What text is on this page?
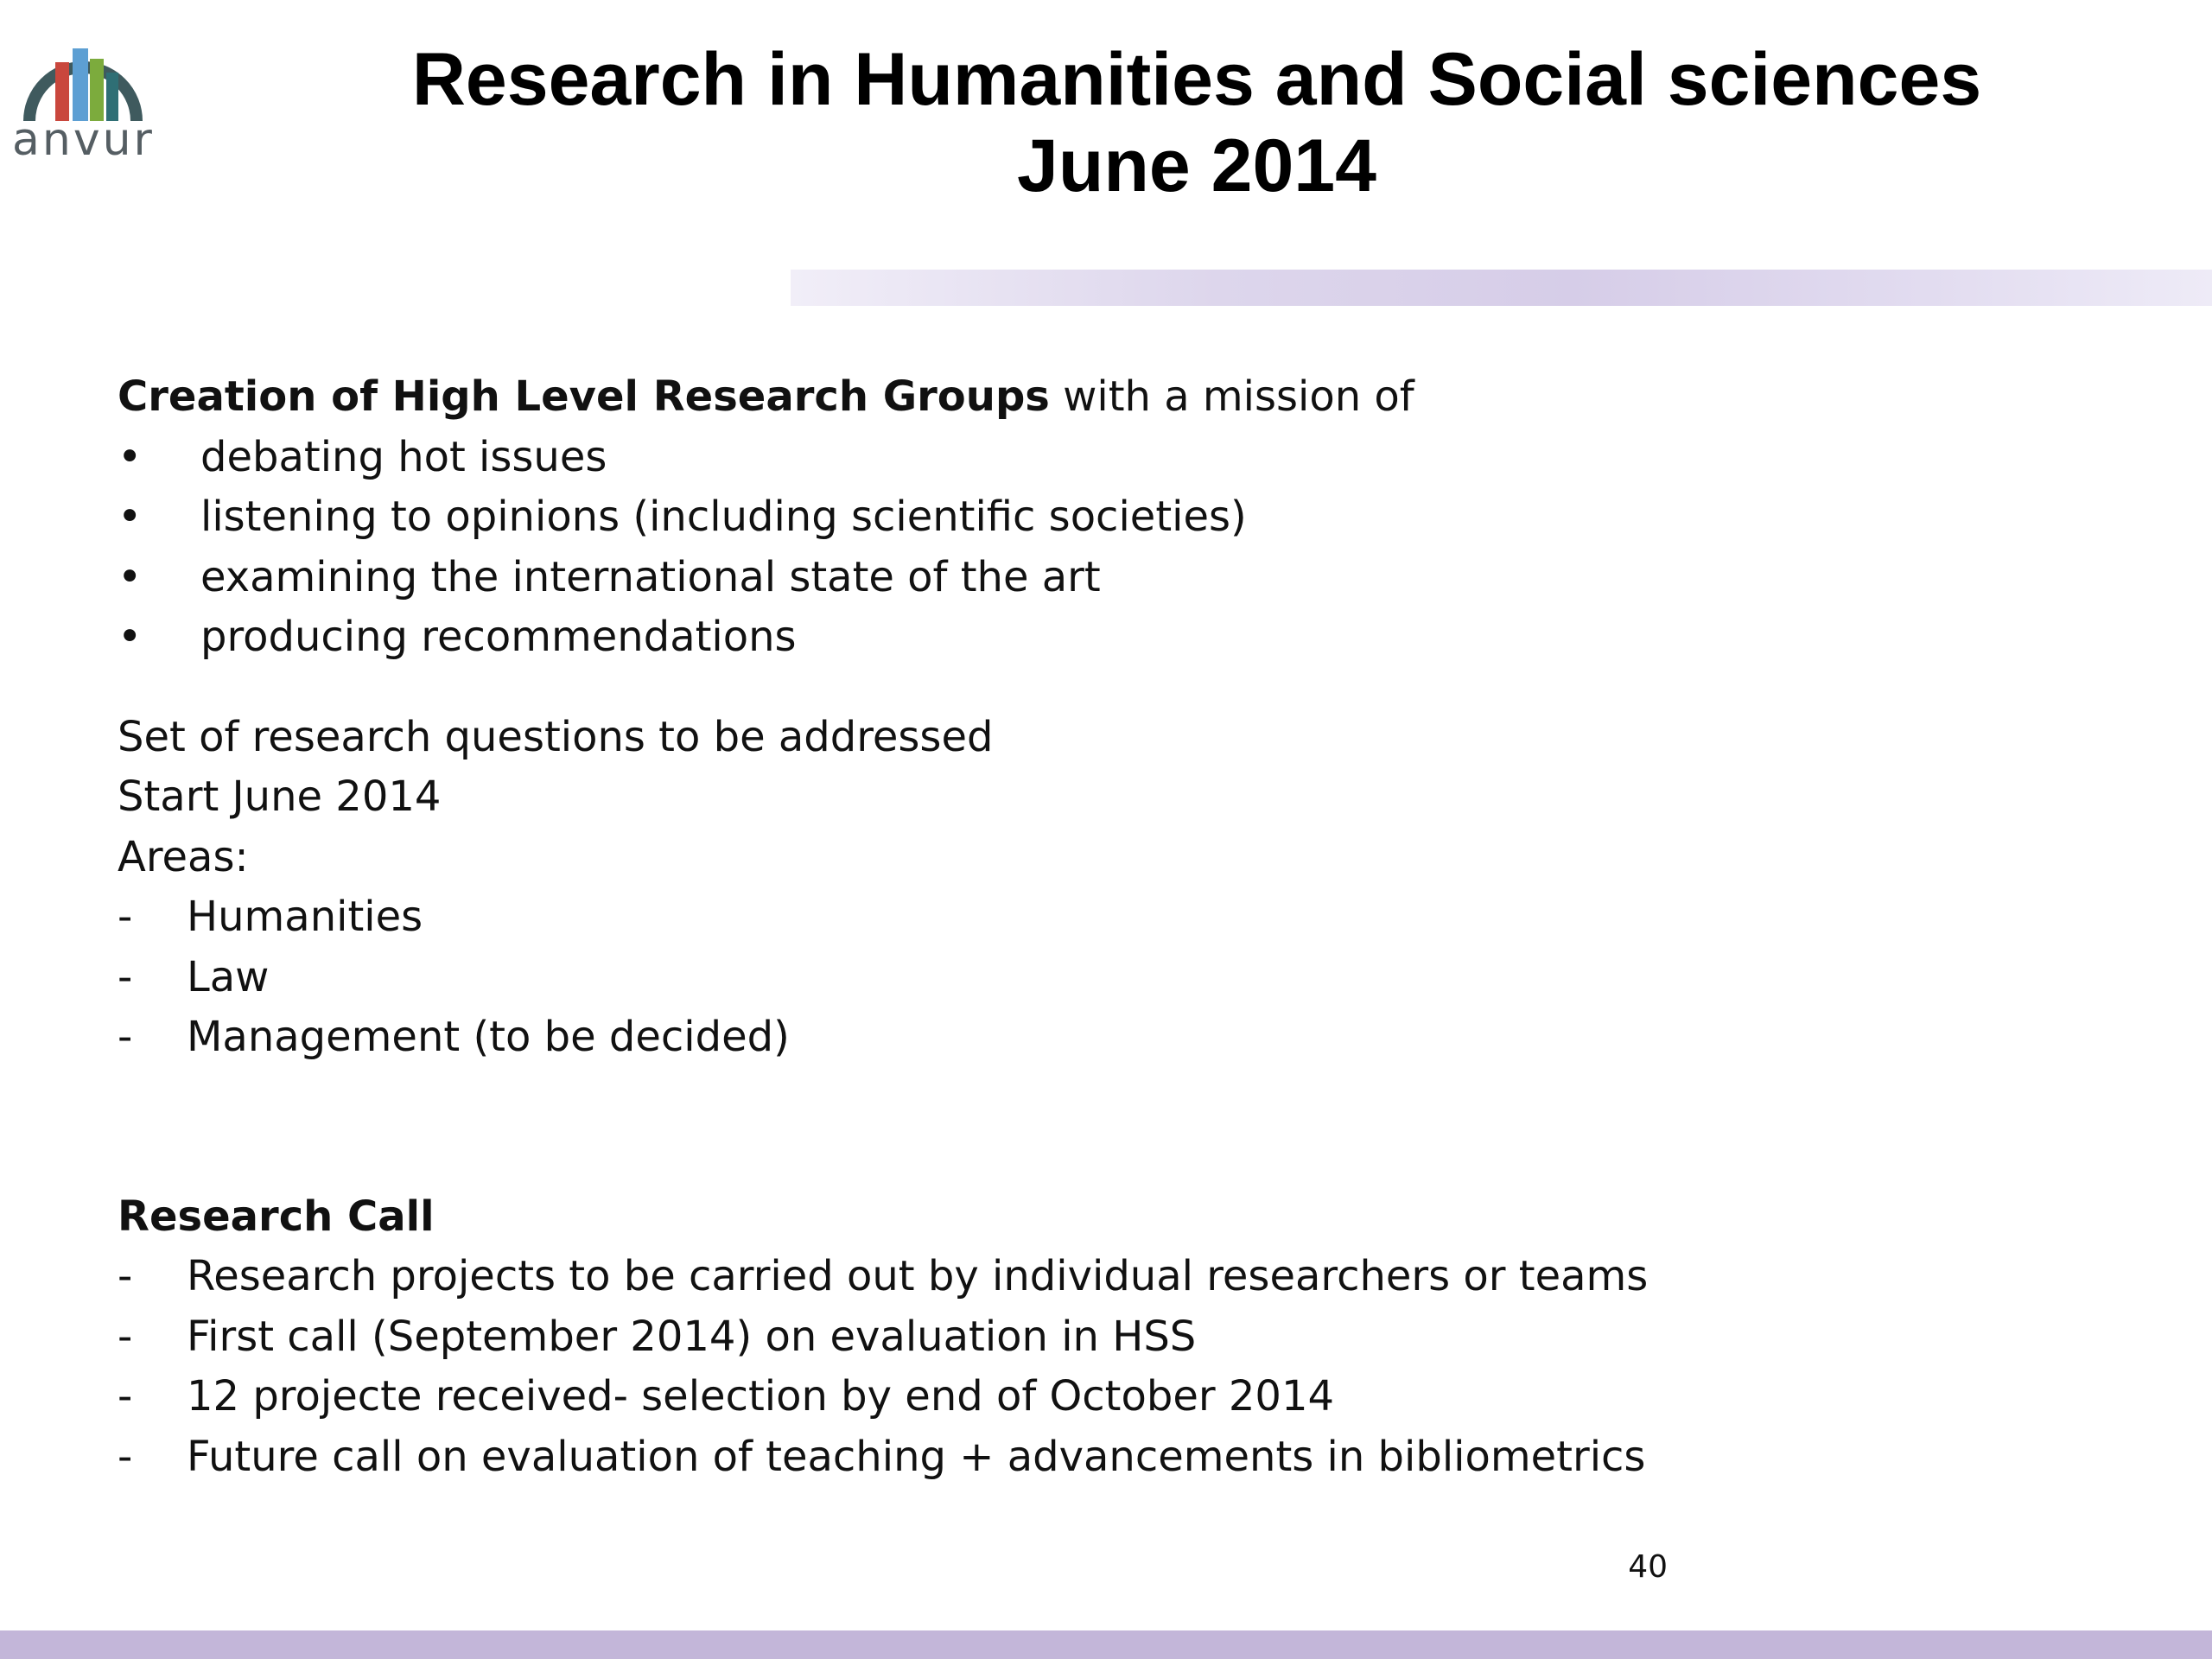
anvur
Research in Humanities and Social sciences
June 2014
Creation of High Level Research Groups with a mission of
•	debating hot issues
•	listening to opinions (including scientific societies)
•	examining the international state of the art
•	producing recommendations
Set of research questions to be addressed
Start June 2014
Areas:
-	Humanities
-	Law
-	Management (to be decided)
Research Call
-	Research projects to be carried out by individual researchers or teams
-	First call (September 2014) on evaluation in HSS
-	12 projecte received- selection by end of October 2014
-	Future call on evaluation of teaching + advancements in bibliometrics
40
